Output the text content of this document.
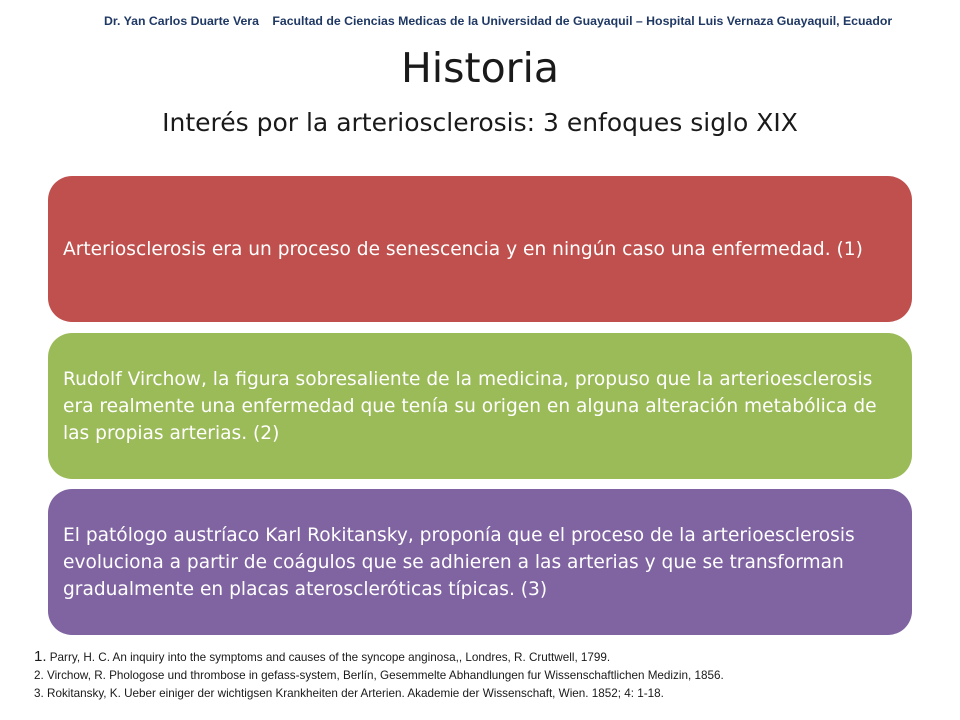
Dr. Yan Carlos Duarte Vera Facultad de Ciencias Medicas de la Universidad de Guayaquil – Hospital Luis Vernaza Guayaquil, Ecuador
Historia
Interés por la arteriosclerosis: 3 enfoques siglo XIX

Arteriosclerosis era un proceso de senescencia y en ningún caso una enfermedad. (1)

Rudolf Virchow, la figura sobresaliente de la medicina, propuso que la arterioesclerosis era realmente una enfermedad que tenía su origen en alguna alteración metabólica de las propias arterias. (2)

El patólogo austríaco Karl Rokitansky, proponía que el proceso de la arterioesclerosis evoluciona a partir de coágulos que se adhieren a las arterias y que se transforman gradualmente en placas ateroscleróticas típicas. (3)

1. Parry, H. C. An inquiry into the symptoms and causes of the syncope anginosa,, Londres, R. Cruttwell, 1799.
2. Virchow, R. Phologose und thrombose in gefass-system, Berlín, Gesemmelte Abhandlungen fur Wissenschaftlichen Medizin, 1856.
3. Rokitansky, K. Ueber einiger der wichtigsen Krankheiten der Arterien. Akademie der Wissenschaft, Wien. 1852; 4: 1-18.
